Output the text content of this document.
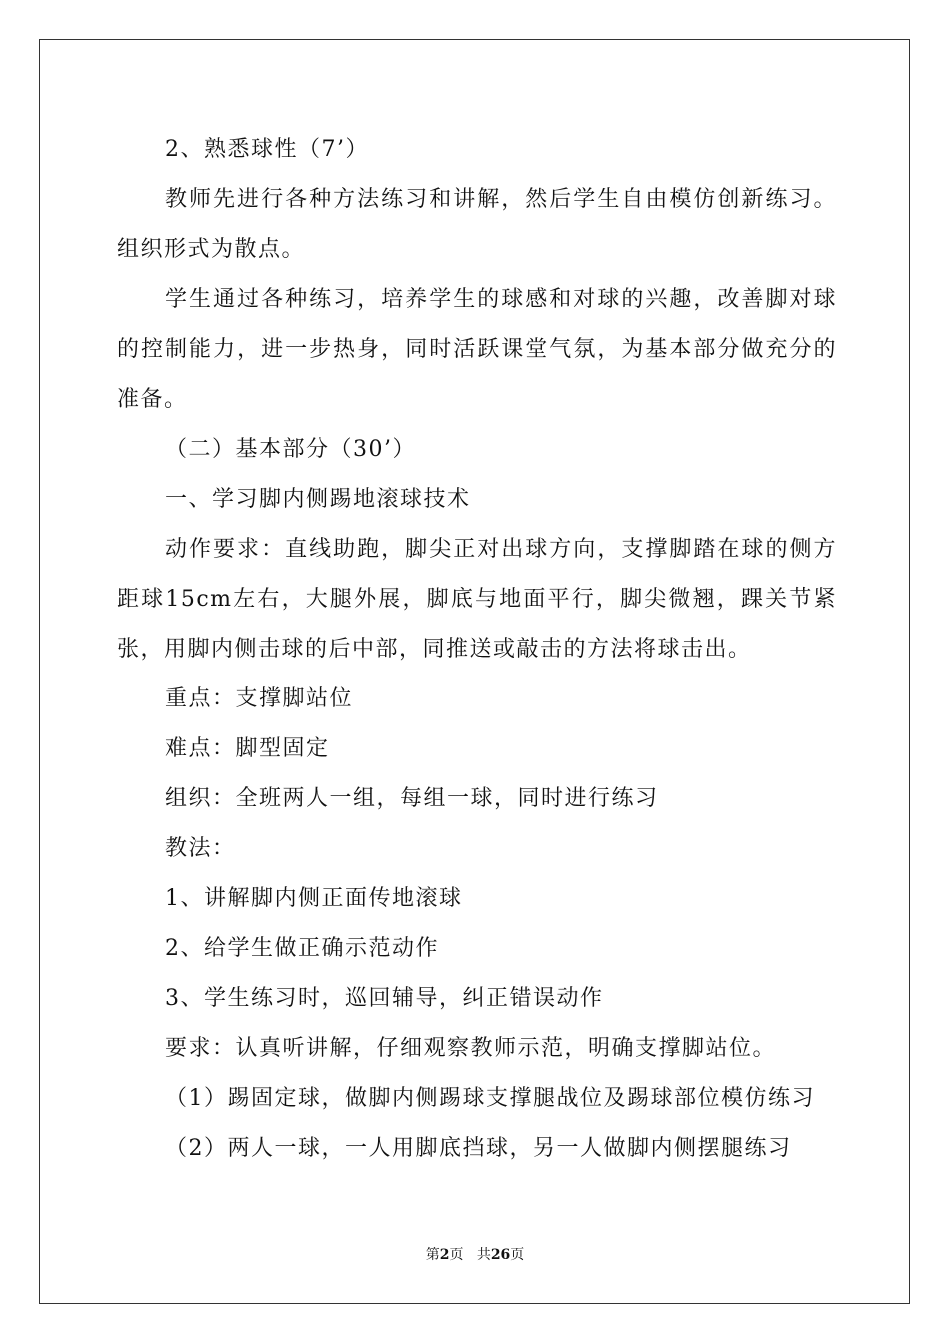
2、熟悉球性（7’）
教师先进行各种方法练习和讲解，然后学生自由模仿创新练习。
组织形式为散点。
学生通过各种练习，培养学生的球感和对球的兴趣，改善脚对球
的控制能力，进一步热身，同时活跃课堂气氛，为基本部分做充分的
准备。
（二）基本部分（30’）
一、学习脚内侧踢地滚球技术
动作要求：直线助跑，脚尖正对出球方向，支撑脚踏在球的侧方
距球15cm左右，大腿外展，脚底与地面平行，脚尖微翘，踝关节紧
张，用脚内侧击球的后中部，同推送或敲击的方法将球击出。
重点：支撑脚站位
难点：脚型固定
组织：全班两人一组，每组一球，同时进行练习
教法：
1、讲解脚内侧正面传地滚球
2、给学生做正确示范动作
3、学生练习时，巡回辅导，纠正错误动作
要求：认真听讲解，仔细观察教师示范，明确支撑脚站位。
（1）踢固定球，做脚内侧踢球支撑腿战位及踢球部位模仿练习
（2）两人一球，一人用脚底挡球，另一人做脚内侧摆腿练习
第2页 共26页
